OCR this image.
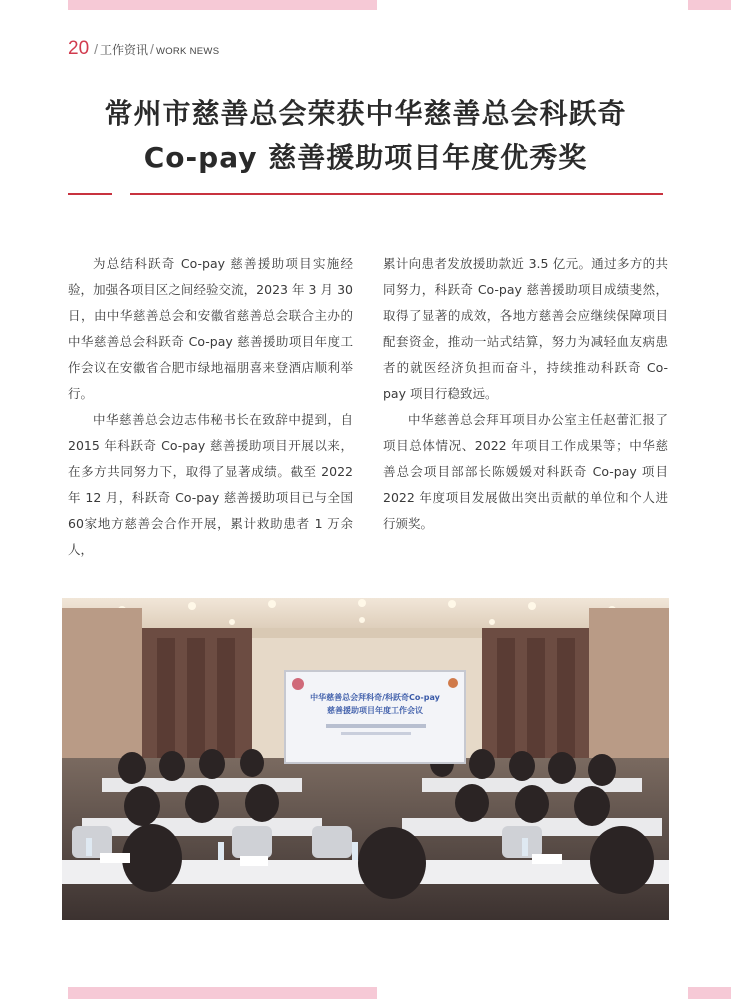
20 / 工作资讯 / WORK NEWS
常州市慈善总会荣获中华慈善总会科跃奇
Co-pay 慈善援助项目年度优秀奖

为总结科跃奇 Co-pay 慈善援助项目实施经验，加强各项目区之间经验交流，2023 年 3 月 30 日，由中华慈善总会和安徽省慈善总会联合主办的中华慈善总会科跃奇 Co-pay 慈善援助项目年度工作会议在安徽省合肥市绿地福朋喜来登酒店顺利举行。

中华慈善总会边志伟秘书长在致辞中提到，自 2015 年科跃奇 Co-pay 慈善援助项目开展以来，在多方共同努力下，取得了显著成绩。截至 2022 年 12 月，科跃奇 Co-pay 慈善援助项目已与全国 60家地方慈善会合作开展，累计救助患者 1 万余人，

累计向患者发放援助款近 3.5 亿元。通过多方的共同努力，科跃奇 Co-pay 慈善援助项目成绩斐然，取得了显著的成效，各地方慈善会应继续保障项目配套资金，推动一站式结算，努力为减轻血友病患者的就医经济负担而奋斗，持续推动科跃奇 Co-pay 项目行稳致远。

中华慈善总会拜耳项目办公室主任赵蕾汇报了项目总体情况、2022 年项目工作成果等；中华慈善总会项目部部长陈媛媛对科跃奇 Co-pay 项目 2022 年度项目发展做出突出贡献的单位和个人进行颁奖。

中华慈善总会拜科奇/科跃奇Co-pay
慈善援助项目年度工作会议
